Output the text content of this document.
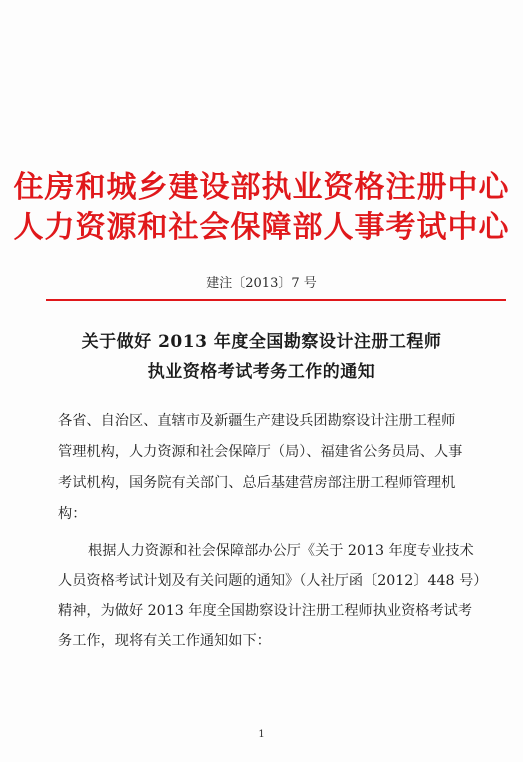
住房和城乡建设部执业资格注册中心
人力资源和社会保障部人事考试中心
建注〔2013〕7 号
关于做好 2013 年度全国勘察设计注册工程师
执业资格考试考务工作的通知
各省、自治区、直辖市及新疆生产建设兵团勘察设计注册工程师
管理机构，人力资源和社会保障厅（局）、福建省公务员局、人事
考试机构，国务院有关部门、总后基建营房部注册工程师管理机
构：
根据人力资源和社会保障部办公厅《关于 2013 年度专业技术
人员资格考试计划及有关问题的通知》（人社厅函〔2012〕448 号）
精神，为做好 2013 年度全国勘察设计注册工程师执业资格考试考
务工作，现将有关工作通知如下：
1
